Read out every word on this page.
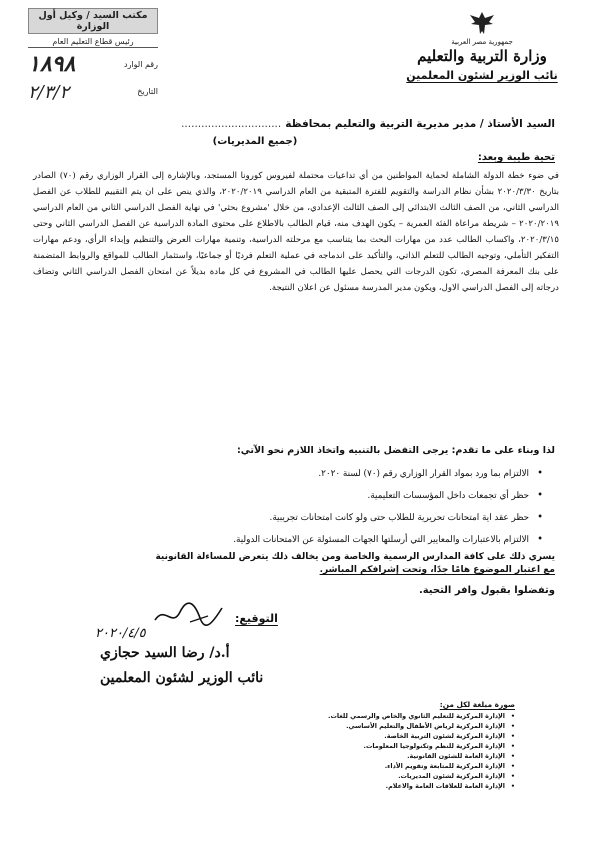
جمهورية مصر العربية
وزارة التربية والتعليم
نائب الوزير لشئون المعلمين
مكتب السيد / وكيل أول الوزارة
رئيس قطاع التعليم العام
رقم الوارد
١٨٩٨
التاريخ
٢/٣/٢
السيد الأستاذ / مدير مديرية التربية والتعليم بمحافظة..............................
(جميع المديريات)
تحية طيبة وبعد:
في ضوء خطة الدولة الشاملة لحماية المواطنين من أي تداعيات محتملة لفيروس كورونا المستجد، وبالإشارة إلى القرار الوزاري رقم (٧٠) الصادر بتاريخ ٢٠٢٠/٣/٣٠ بشأن نظام الدراسة والتقويم للفترة المتبقية من العام الدراسي ٢٠٢٠/٢٠١٩، والذي ينص على ان يتم التقييم للطلاب عن الفصل الدراسي الثاني، من الصف الثالث الابتدائي إلى الصف الثالث الإعدادي، من خلال 'مشروع بحثي' في نهاية الفصل الدراسي الثاني من العام الدراسي ٢٠٢٠/٢٠١٩ – شريطة مراعاة الفئة العمرية – يكون الهدف منه، قيام الطالب بالاطلاع على محتوى المادة الدراسية عن الفصل الدراسي الثاني وحتى ٢٠٢٠/٣/١٥، واكساب الطالب عدد من مهارات البحث بما يتناسب مع مرحلته الدراسية، وتنمية مهارات العرض والتنظيم وإبداء الرأي، ودعم مهارات التفكير التأملي، وتوجيه الطالب للتعلم الذاتي، والتأكيد على اندماجه في عملية التعلم فرديًا أو جماعيًا، واستثمار الطالب للمواقع والروابط المتضمنة على بنك المعرفة المصري، تكون الدرجات التي يحصل عليها الطالب في المشروع في كل مادة بديلاً عن امتحان الفصل الدراسي الثاني وتضاف درجاته إلى الفصل الدراسي الاول، ويكون مدير المدرسة مسئول عن اعلان النتيجة.
لذا وبناء على ما تقدم: يرجى التفضل بالتنبيه واتخاذ اللازم نحو الآتي:
•
الالتزام بما ورد بمواد القرار الوزاري رقم (٧٠) لسنة ٢٠٢٠.
•
حظر أي تجمعات داخل المؤسسات التعليمية.
•
حظر عقد اية امتحانات تحريرية للطلاب حتى ولو كانت امتحانات تجريبية.
•
الالتزام بالاعتبارات والمعايير التي أرسلتها الجهات المسئولة عن الامتحانات الدولية.
يسري ذلك على كافة المدارس الرسمية والخاصة ومن يخالف ذلك يتعرض للمساءلة القانونية
مع اعتبار الموضوع هامًا جدًا، وتحت إشرافكم المباشر.
وتفضلوا بقبول وافر التحية.
التوقيع:
٢٠٢٠/٤/٥
أ.د/ رضا السيد حجازي
نائب الوزير لشئون المعلمين
صورة مبلغة لكل من:
•
الإدارة المركزية للتعليم الثانوي والخاص والرسمي للغات.
•
الإدارة المركزية لرياض الأطفال والتعليم الأساسي.
•
الإدارة المركزية لشئون التربية الخاصة.
•
الإدارة المركزية للنظم وتكنولوجيا المعلومات.
•
الإدارة العامة للشئون القانونية.
•
الإدارة المركزية للمتابعة وتقويم الأداء.
•
الإدارة المركزية لشئون المديريات.
•
الإدارة العامة للعلاقات العامة والاعلام.
